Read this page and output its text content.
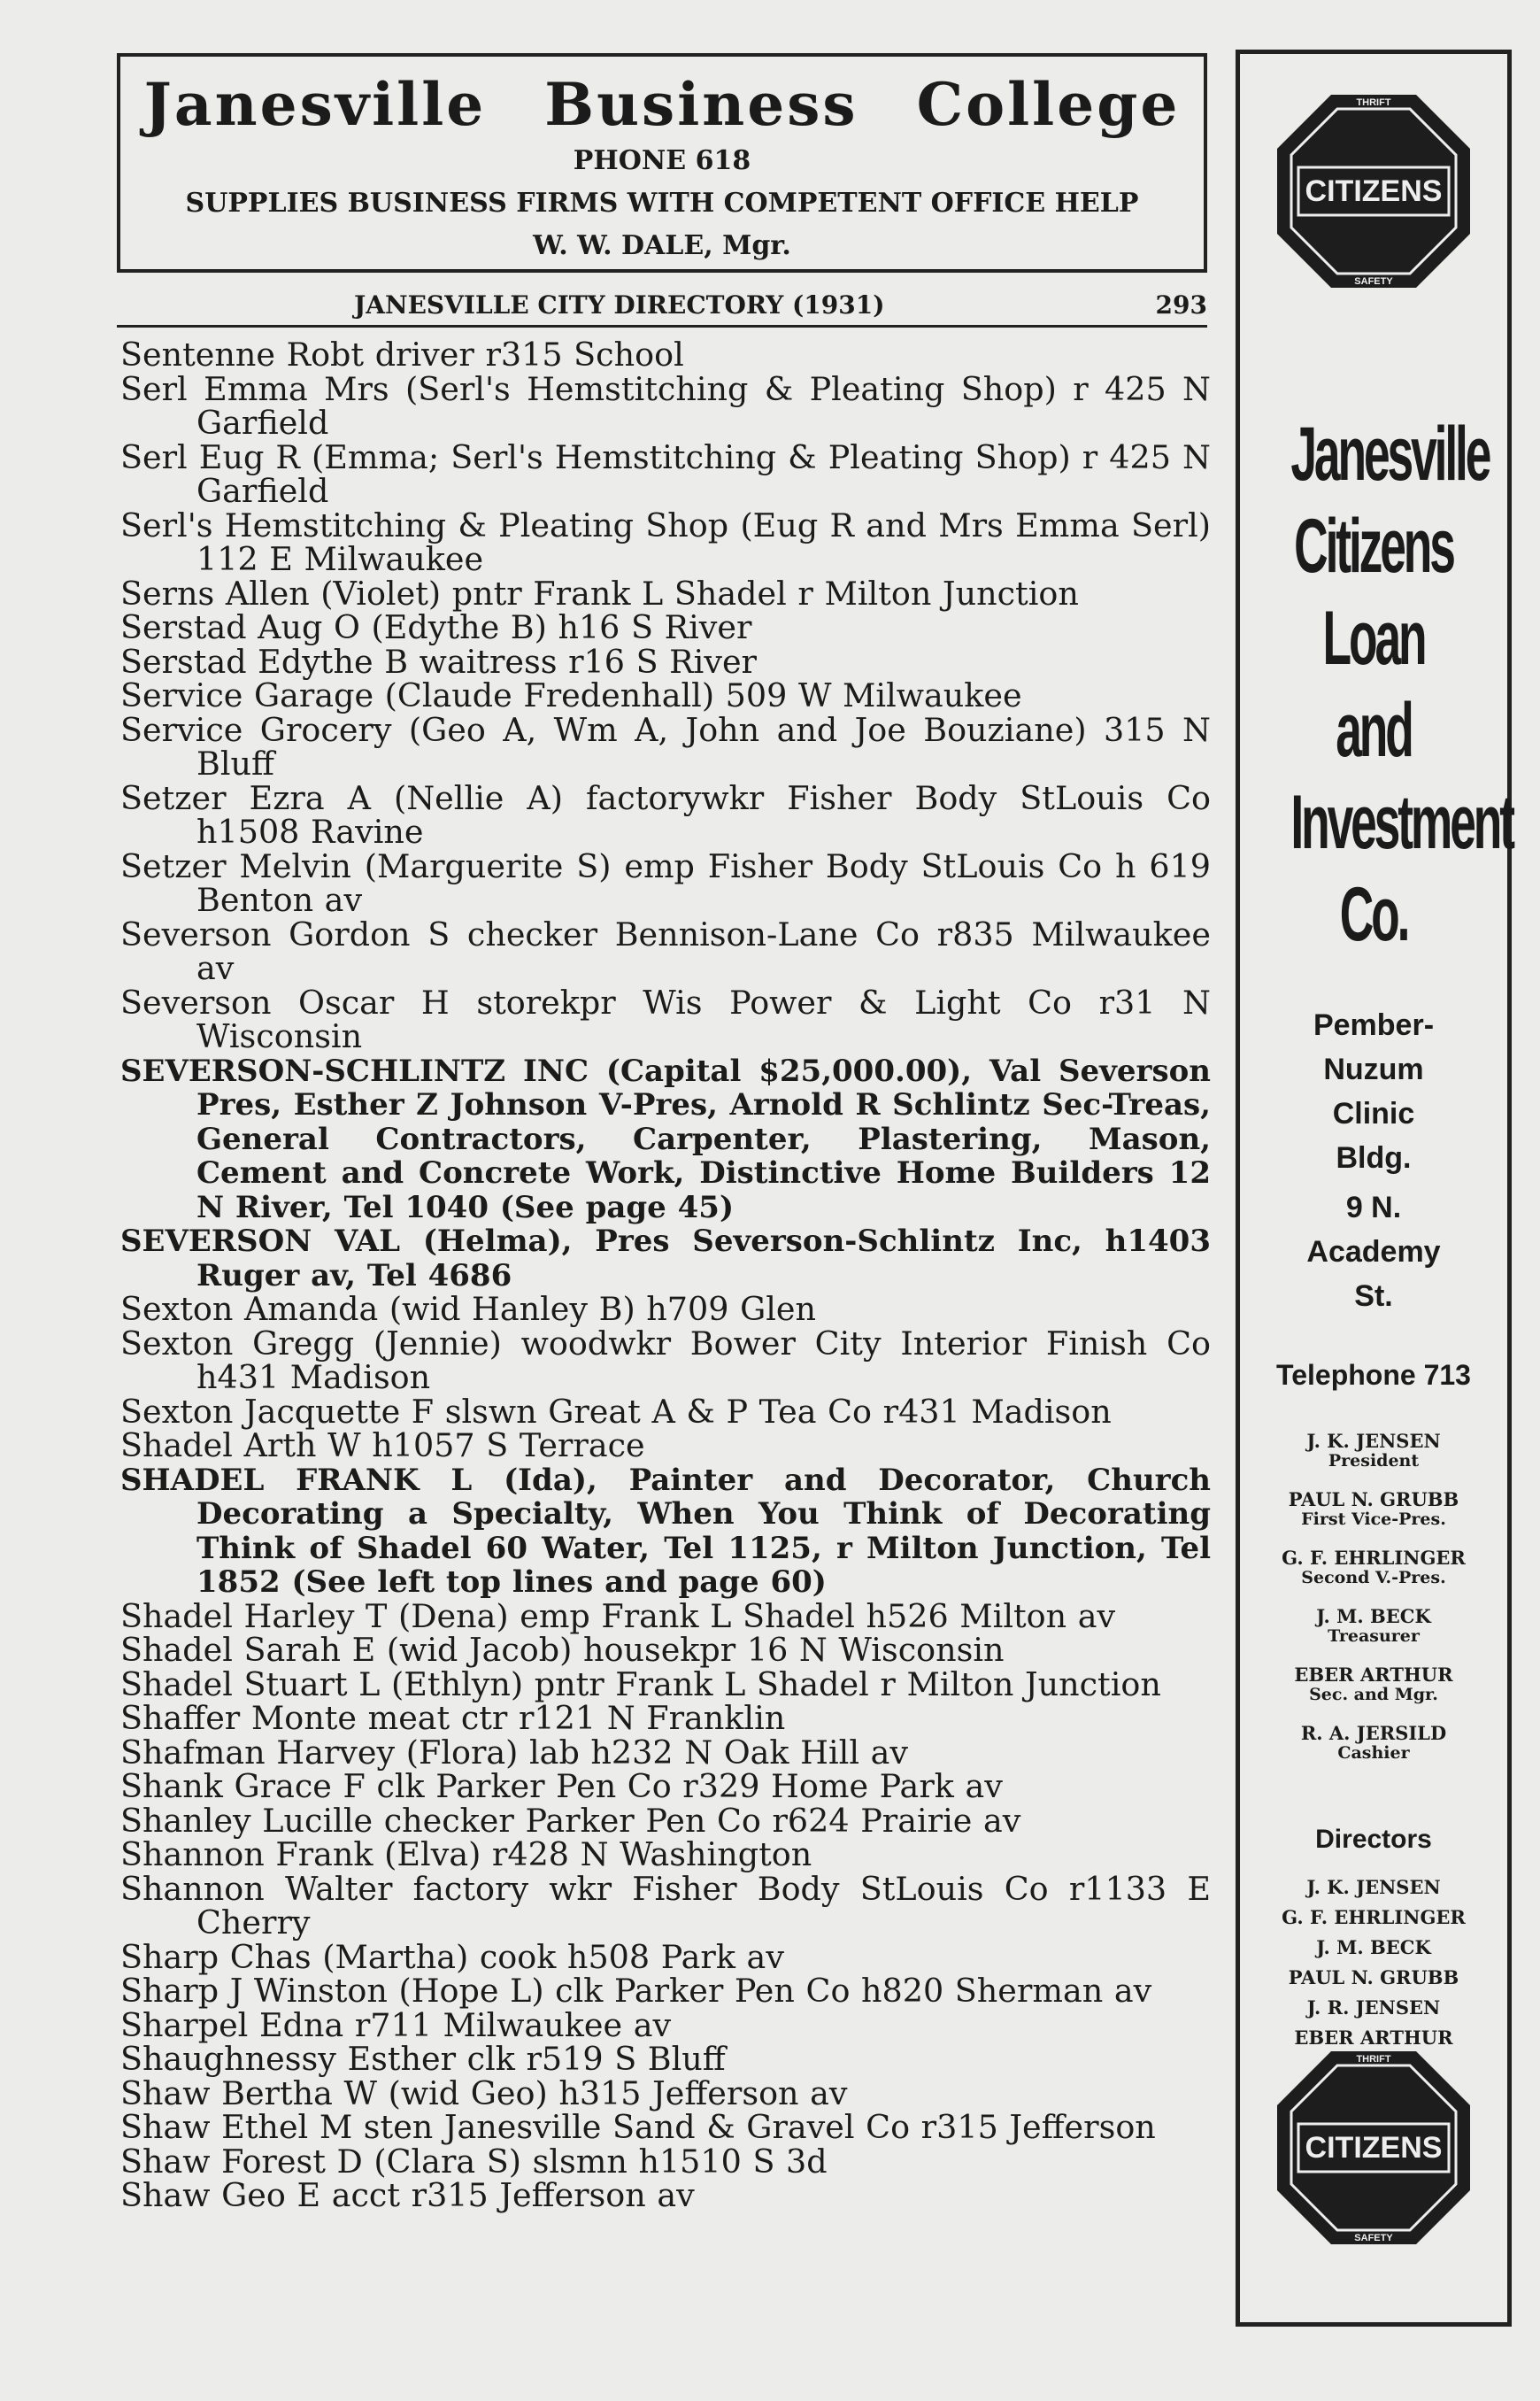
Janesville Business College
PHONE 618
SUPPLIES BUSINESS FIRMS WITH COMPETENT OFFICE HELP
W. W. DALE, Mgr.
JANESVILLE CITY DIRECTORY (1931)	293
Sentenne Robt driver r315 School
Serl Emma Mrs (Serl's Hemstitching & Pleating Shop) r 425 N Garfield
Serl Eug R (Emma; Serl's Hemstitching & Pleating Shop) r 425 N Garfield
Serl's Hemstitching & Pleating Shop (Eug R and Mrs Emma Serl) 112 E Milwaukee
Serns Allen (Violet) pntr Frank L Shadel r Milton Junction
Serstad Aug O (Edythe B) h16 S River
Serstad Edythe B waitress r16 S River
Service Garage (Claude Fredenhall) 509 W Milwaukee
Service Grocery (Geo A, Wm A, John and Joe Bouziane) 315 N Bluff
Setzer Ezra A (Nellie A) factorywkr Fisher Body StLouis Co h1508 Ravine
Setzer Melvin (Marguerite S) emp Fisher Body StLouis Co h 619 Benton av
Severson Gordon S checker Bennison-Lane Co r835 Milwaukee av
Severson Oscar H storekpr Wis Power & Light Co r31 N Wisconsin
SEVERSON-SCHLINTZ INC (Capital $25,000.00), Val Severson Pres, Esther Z Johnson V-Pres, Arnold R Schlintz Sec-Treas, General Contractors, Carpenter, Plastering, Mason, Cement and Concrete Work, Distinctive Home Builders 12 N River, Tel 1040 (See page 45)
SEVERSON VAL (Helma), Pres Severson-Schlintz Inc, h1403 Ruger av, Tel 4686
Sexton Amanda (wid Hanley B) h709 Glen
Sexton Gregg (Jennie) woodwkr Bower City Interior Finish Co h431 Madison
Sexton Jacquette F slswn Great A & P Tea Co r431 Madison
Shadel Arth W h1057 S Terrace
SHADEL FRANK L (Ida), Painter and Decorator, Church Decorating a Specialty, When You Think of Decorating Think of Shadel 60 Water, Tel 1125, r Milton Junction, Tel 1852 (See left top lines and page 60)
Shadel Harley T (Dena) emp Frank L Shadel h526 Milton av
Shadel Sarah E (wid Jacob) housekpr 16 N Wisconsin
Shadel Stuart L (Ethlyn) pntr Frank L Shadel r Milton Junction
Shaffer Monte meat ctr r121 N Franklin
Shafman Harvey (Flora) lab h232 N Oak Hill av
Shank Grace F clk Parker Pen Co r329 Home Park av
Shanley Lucille checker Parker Pen Co r624 Prairie av
Shannon Frank (Elva) r428 N Washington
Shannon Walter factory wkr Fisher Body StLouis Co r1133 E Cherry
Sharp Chas (Martha) cook h508 Park av
Sharp J Winston (Hope L) clk Parker Pen Co h820 Sherman av
Sharpel Edna r711 Milwaukee av
Shaughnessy Esther clk r519 S Bluff
Shaw Bertha W (wid Geo) h315 Jefferson av
Shaw Ethel M sten Janesville Sand & Gravel Co r315 Jefferson
Shaw Forest D (Clara S) slsmn h1510 S 3d
Shaw Geo E acct r315 Jefferson av
CITIZENS
THRIFT
SAFETY
Janesville
Citizens
Loan
and
Investment
Co.
Pember-
Nuzum
Clinic
Bldg.
9 N.
Academy
St.
Telephone 713
J. K. JENSEN
President
PAUL N. GRUBB
First Vice-Pres.
G. F. EHRLINGER
Second V.-Pres.
J. M. BECK
Treasurer
EBER ARTHUR
Sec. and Mgr.
R. A. JERSILD
Cashier
Directors
J. K. JENSEN
G. F. EHRLINGER
J. M. BECK
PAUL N. GRUBB
J. R. JENSEN
EBER ARTHUR
CITIZENS
THRIFT
SAFETY
